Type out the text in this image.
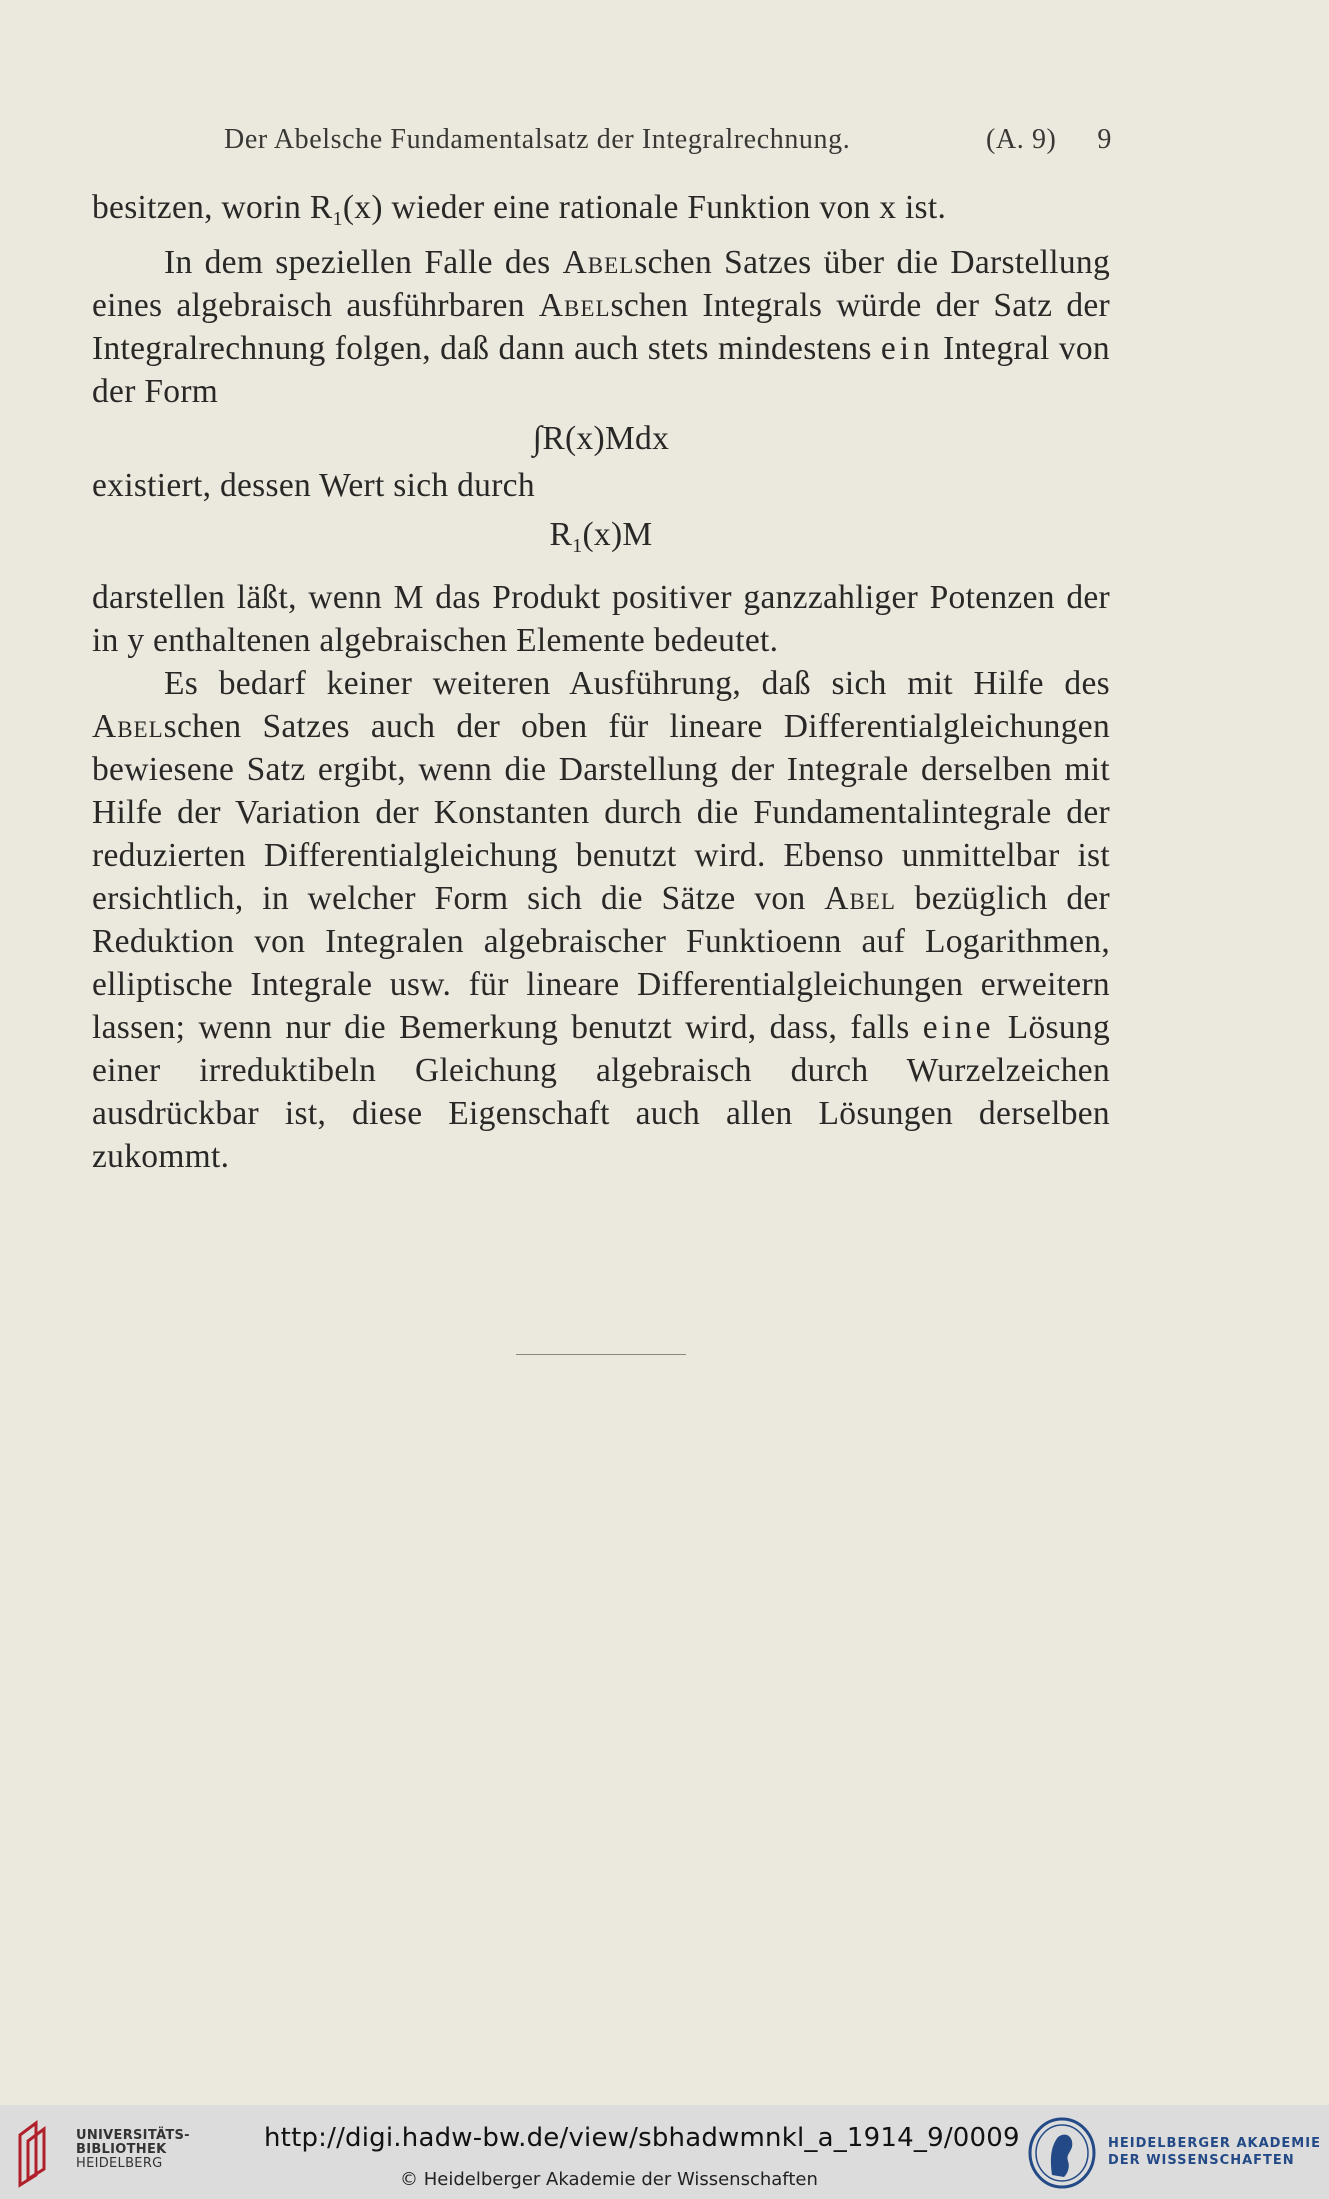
Der Abelsche Fundamentalsatz der Integralrechnung.	(A. 9) 9

besitzen, worin $R_1(x)$ wieder eine rationale Funktion von x ist.

In dem speziellen Falle des Abelschen Satzes über die Darstellung eines algebraisch ausführbaren Abelschen Integrals würde der Satz der Integralrechnung folgen, daß dann auch stets mindestens ein Integral von der Form

∫R(x)Mdx

existiert, dessen Wert sich durch

$R_1(x)M$

darstellen läßt, wenn M das Produkt positiver ganzzahliger Potenzen der in y enthaltenen algebraischen Elemente bedeutet.

Es bedarf keiner weiteren Ausführung, daß sich mit Hilfe des Abelschen Satzes auch der oben für lineare Differentialgleichungen bewiesene Satz ergibt, wenn die Darstellung der Integrale derselben mit Hilfe der Variation der Konstanten durch die Fundamentalintegrale der reduzierten Differentialgleichung benutzt wird. Ebenso unmittelbar ist ersichtlich, in welcher Form sich die Sätze von Abel bezüglich der Reduktion von Integralen algebraischer Funktioenn auf Logarithmen, elliptische Integrale usw. für lineare Differentialgleichungen erweitern lassen; wenn nur die Bemerkung benutzt wird, dass, falls eine Lösung einer irreduktibeln Gleichung algebraisch durch Wurzelzeichen ausdrückbar ist, diese Eigenschaft auch allen Lösungen derselben zukommt.

UNIVERSITÄTS-
BIBLIOTHEK
HEIDELBERG
http://digi.hadw-bw.de/view/sbhadwmnkl_a_1914_9/0009
© Heidelberger Akademie der Wissenschaften
HEIDELBERGER AKADEMIE
DER WISSENSCHAFTEN
